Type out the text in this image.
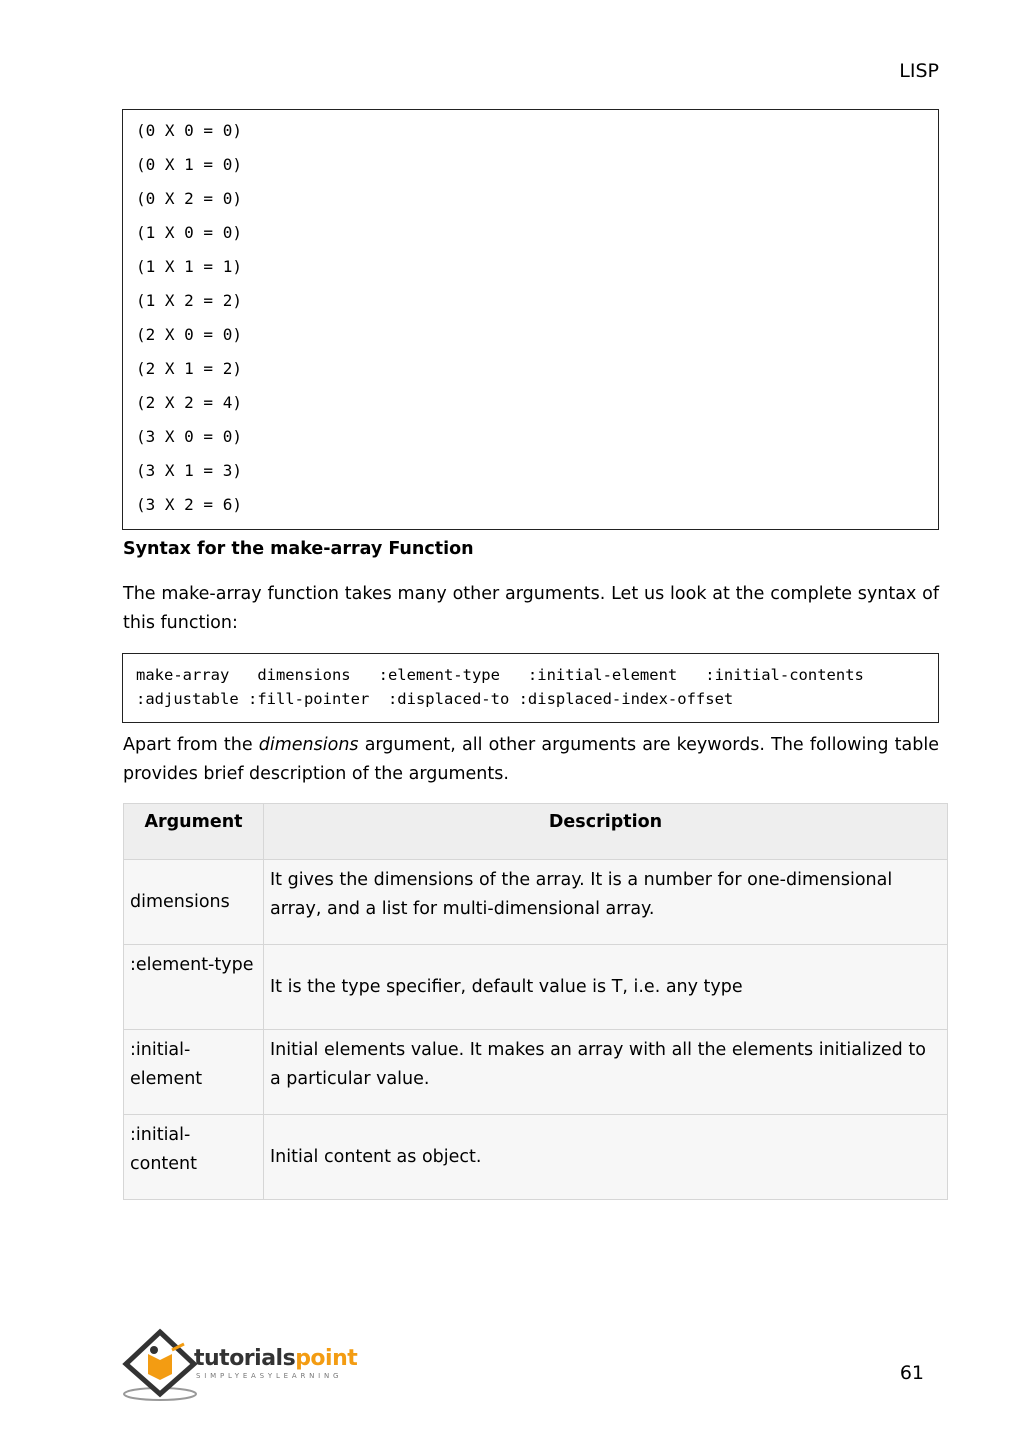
LISP
(0 X 0 = 0)
(0 X 1 = 0)
(0 X 2 = 0)
(1 X 0 = 0)
(1 X 1 = 1)
(1 X 2 = 2)
(2 X 0 = 0)
(2 X 1 = 2)
(2 X 2 = 4)
(3 X 0 = 0)
(3 X 1 = 3)
(3 X 2 = 6)
Syntax for the make-array Function
The make-array function takes many other arguments. Let us look at the complete syntax of this function:
make-array   dimensions   :element-type   :initial-element   :initial-contents
:adjustable :fill-pointer  :displaced-to :displaced-index-offset
Apart from the dimensions argument, all other arguments are keywords. The following table provides brief description of the arguments.
Argument	Description
dimensions	It gives the dimensions of the array. It is a number for one-dimensional array, and a list for multi-dimensional array.
:element-type	It is the type specifier, default value is T, i.e. any type
:initial-element	Initial elements value. It makes an array with all the elements initialized to a particular value.
:initial-content	Initial content as object.
tutorialspoint
SIMPLYEASYLEARNING	61
